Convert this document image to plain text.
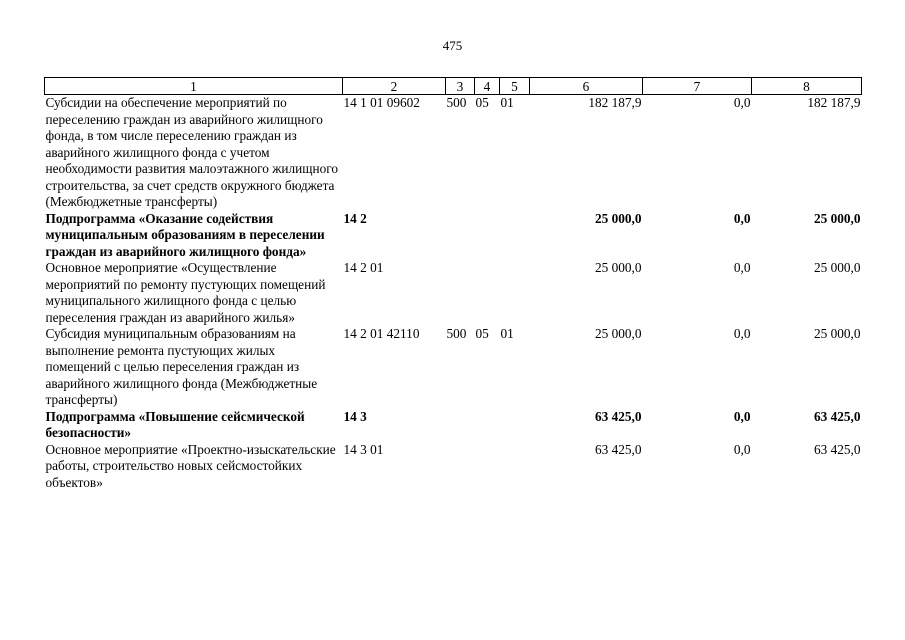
475
1	2	3	4	5	6	7	8
Субсидии на обеспечение мероприятий по переселению граждан из аварийного жилищного фонда, в том числе переселению граждан из аварийного жилищного фонда с учетом необходимости развития малоэтажного жилищного строительства, за счет средств окружного бюджета (Межбюджетные трансферты)	14 1 01 09602	500	05	01	182 187,9	0,0	182 187,9
Подпрограмма «Оказание содействия муниципальным образованиям в переселении граждан из аварийного жилищного фонда»	14 2				25 000,0	0,0	25 000,0
Основное мероприятие «Осуществление мероприятий по ремонту пустующих помещений муниципального жилищного фонда с целью переселения граждан из аварийного жилья»	14 2 01				25 000,0	0,0	25 000,0
Субсидия муниципальным образованиям на выполнение ремонта пустующих жилых помещений с целью переселения граждан из аварийного жилищного фонда (Межбюджетные трансферты)	14 2 01 42110	500	05	01	25 000,0	0,0	25 000,0
Подпрограмма «Повышение сейсмической безопасности»	14 3				63 425,0	0,0	63 425,0
Основное мероприятие «Проектно-изыскательские работы, строительство новых сейсмостойких объектов»	14 3 01				63 425,0	0,0	63 425,0
